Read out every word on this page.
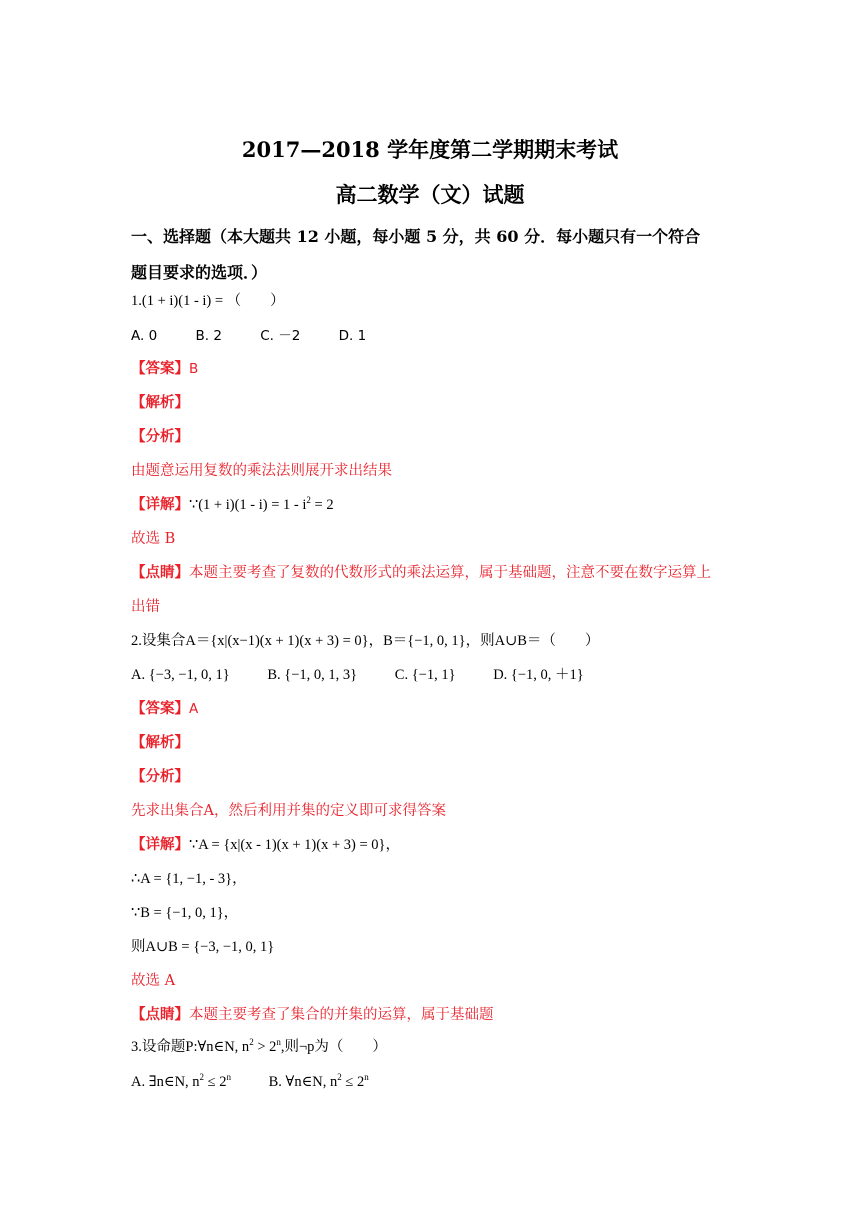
2017—2018 学年度第二学期期末考试
高二数学（文）试题
一、选择题（本大题共 12 小题，每小题 5 分，共 60 分．每小题只有一个符合
题目要求的选项．）
1.(1 + i)(1 - i) = （　　）
A. 0	B. 2	C. －2	D. 1
【答案】B
【解析】
【分析】
由题意运用复数的乘法法则展开求出结果
【详解】∵(1 + $i)(1 - i) = 1 - i^2 = 2$
故选 B
【点睛】本题主要考查了复数的代数形式的乘法运算，属于基础题，注意不要在数字运算上
出错
2.设集合A＝{x|(x−1)(x + 1)(x + 3) = 0}，B＝{−1, 0, 1}，则A∪B＝（　　）
A. {−3, −1, 0, 1}	B. {−1, 0, 1, 3}	C. {−1, 1}	D. {−1, 0, ＋1}
【答案】A
【解析】
【分析】
先求出集合A，然后利用并集的定义即可求得答案
【详解】∵A = {x|(x - 1)(x + 1)(x + 3) = 0}，
∴A = {1, −1, - 3}，
∵B = {−1, 0, 1}，
则A∪B = {−3, −1, 0, 1}
故选 A
【点睛】本题主要考查了集合的并集的运算，属于基础题
3.设命题P:∀n∈N, $n^2 > 2^n$,则¬p为（　　）
A. ∃n∈N, $n^2 \le 2^n$	B. ∀n∈N, $n^2 \le 2^n$
